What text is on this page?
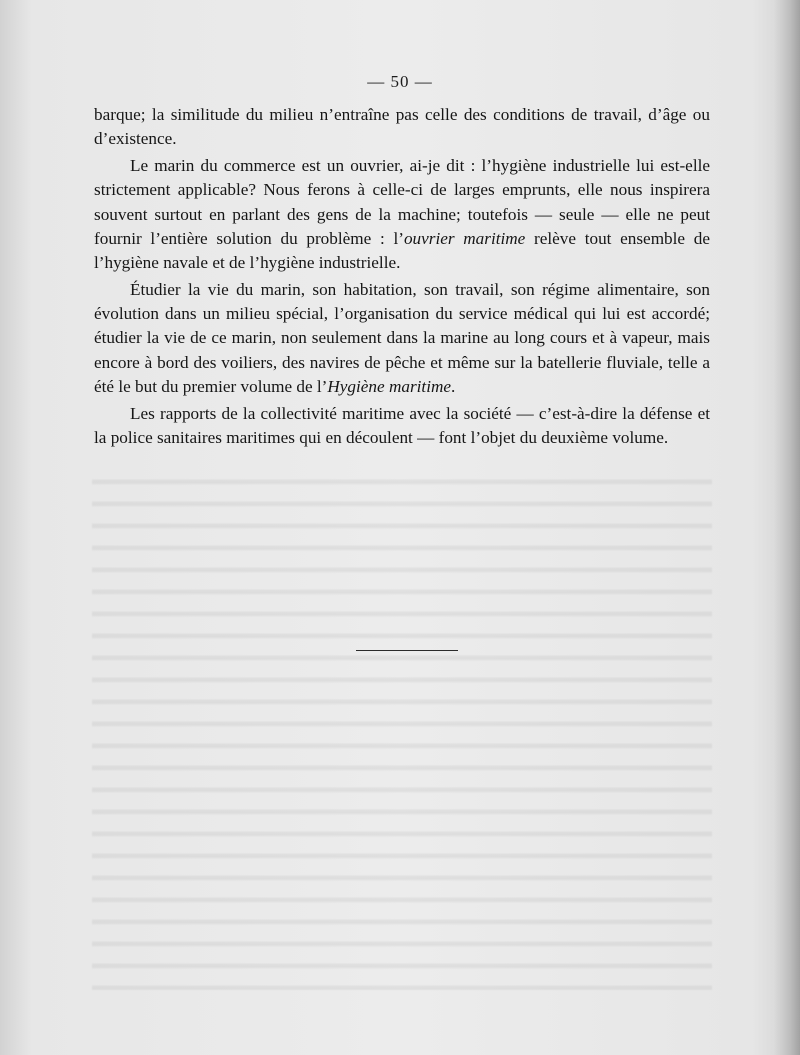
— 50 —

barque; la similitude du milieu n’entraîne pas celle des conditions de travail, d’âge ou d’existence.

Le marin du commerce est un ouvrier, ai-je dit : l’hygiène industrielle lui est-elle strictement applicable? Nous ferons à celle-ci de larges emprunts, elle nous inspirera souvent surtout en parlant des gens de la machine; toutefois — seule — elle ne peut fournir l’entière solution du problème : l’ouvrier maritime relève tout ensemble de l’hygiène navale et de l’hygiène industrielle.

Étudier la vie du marin, son habitation, son travail, son régime alimentaire, son évolution dans un milieu spécial, l’organisation du service médical qui lui est accordé; étudier la vie de ce marin, non seulement dans la marine au long cours et à vapeur, mais encore à bord des voiliers, des navires de pêche et même sur la batellerie fluviale, telle a été le but du premier volume de l’Hygiène maritime.

Les rapports de la collectivité maritime avec la société — c’est-à-dire la défense et la police sanitaires maritimes qui en découlent — font l’objet du deuxième volume.
